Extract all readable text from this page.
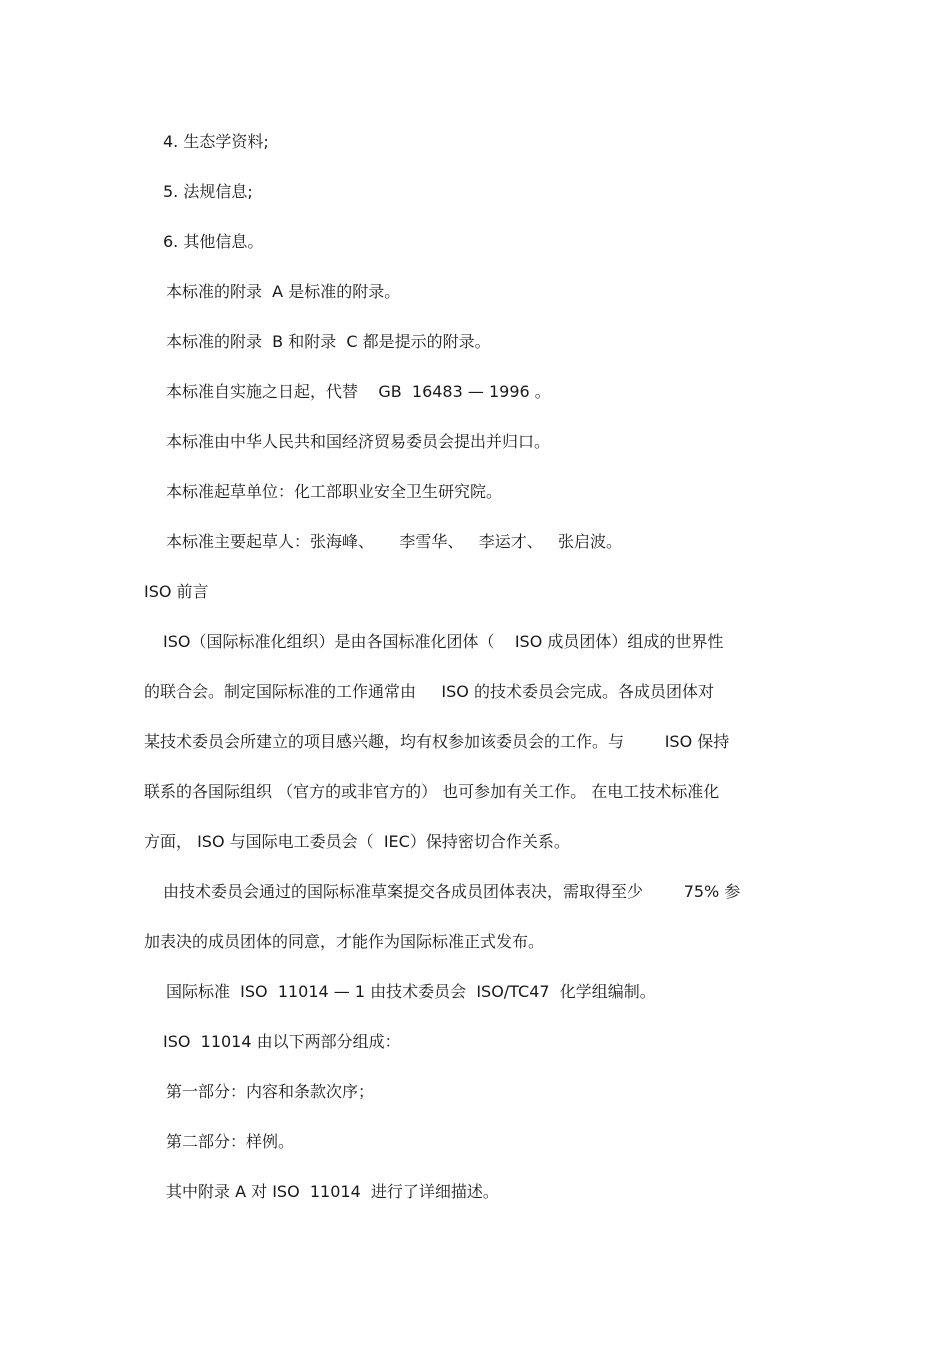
4. 生态学资料;
5. 法规信息;
6. 其他信息。
本标准的附录  A 是标准的附录。
本标准的附录  B 和附录  C 都是提示的附录。
本标准自实施之日起，代替    GB  16483 — 1996 。
本标准由中华人民共和国经济贸易委员会提出并归口。
本标准起草单位：化工部职业安全卫生研究院。
本标准主要起草人：张海峰、     李雪华、   李运才、   张启波。
ISO 前言
ISO（国际标准化组织）是由各国标准化团体（    ISO 成员团体）组成的世界性
的联合会。制定国际标准的工作通常由     ISO 的技术委员会完成。各成员团体对
某技术委员会所建立的项目感兴趣，均有权参加该委员会的工作。与        ISO 保持
联系的各国际组织 （官方的或非官方的） 也可参加有关工作。 在电工技术标准化
方面， ISO 与国际电工委员会（  IEC）保持密切合作关系。
由技术委员会通过的国际标准草案提交各成员团体表决，需取得至少        75% 参
加表决的成员团体的同意，才能作为国际标准正式发布。
国际标准  ISO  11014 — 1 由技术委员会  ISO/TC47  化学组编制。
ISO  11014 由以下两部分组成：
第一部分：内容和条款次序；
第二部分：样例。
其中附录 A 对 ISO  11014  进行了详细描述。
